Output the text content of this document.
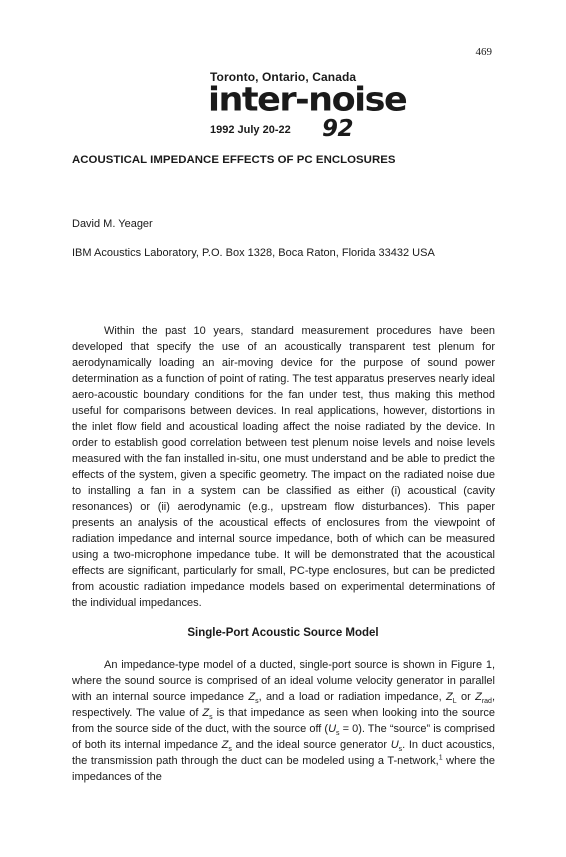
469
Toronto, Ontario, Canada
inter-noise
1992 July 20-22 92
ACOUSTICAL IMPEDANCE EFFECTS OF PC ENCLOSURES
David M. Yeager
IBM Acoustics Laboratory, P.O. Box 1328, Boca Raton, Florida 33432 USA

Within the past 10 years, standard measurement procedures have been developed that specify the use of an acoustically transparent test plenum for aerodynamically loading an air-moving device for the purpose of sound power determination as a function of point of rating. The test apparatus preserves nearly ideal aero-acoustic boundary conditions for the fan under test, thus making this method useful for comparisons between devices. In real applications, however, distortions in the inlet flow field and acoustical loading affect the noise radiated by the device. In order to establish good correlation between test plenum noise levels and noise levels measured with the fan installed in-situ, one must understand and be able to predict the effects of the system, given a specific geometry. The impact on the radiated noise due to installing a fan in a system can be classified as either (i) acoustical (cavity resonances) or (ii) aerodynamic (e.g., upstream flow disturbances). This paper presents an analysis of the acoustical effects of enclosures from the viewpoint of radiation impedance and internal source impedance, both of which can be measured using a two-microphone impedance tube. It will be demonstrated that the acoustical effects are significant, particularly for small, PC-type enclosures, but can be predicted from acoustic radiation impedance models based on experimental determinations of the individual impedances.

Single-Port Acoustic Source Model

An impedance-type model of a ducted, single-port source is shown in Figure 1, where the sound source is comprised of an ideal volume velocity generator in parallel with an internal source impedance $Z_s$, and a load or radiation impedance, $Z_L$ or $Z_{rad}$, respectively. The value of $Z_s$ is that impedance as seen when looking into the source from the source side of the duct, with the source off $(U_s = 0)$. The “source” is comprised of both its internal impedance $Z_s$ and the ideal source generator $U_s$. In duct acoustics, the transmission path through the duct can be modeled using a T-network,$^1$ where the impedances of the
